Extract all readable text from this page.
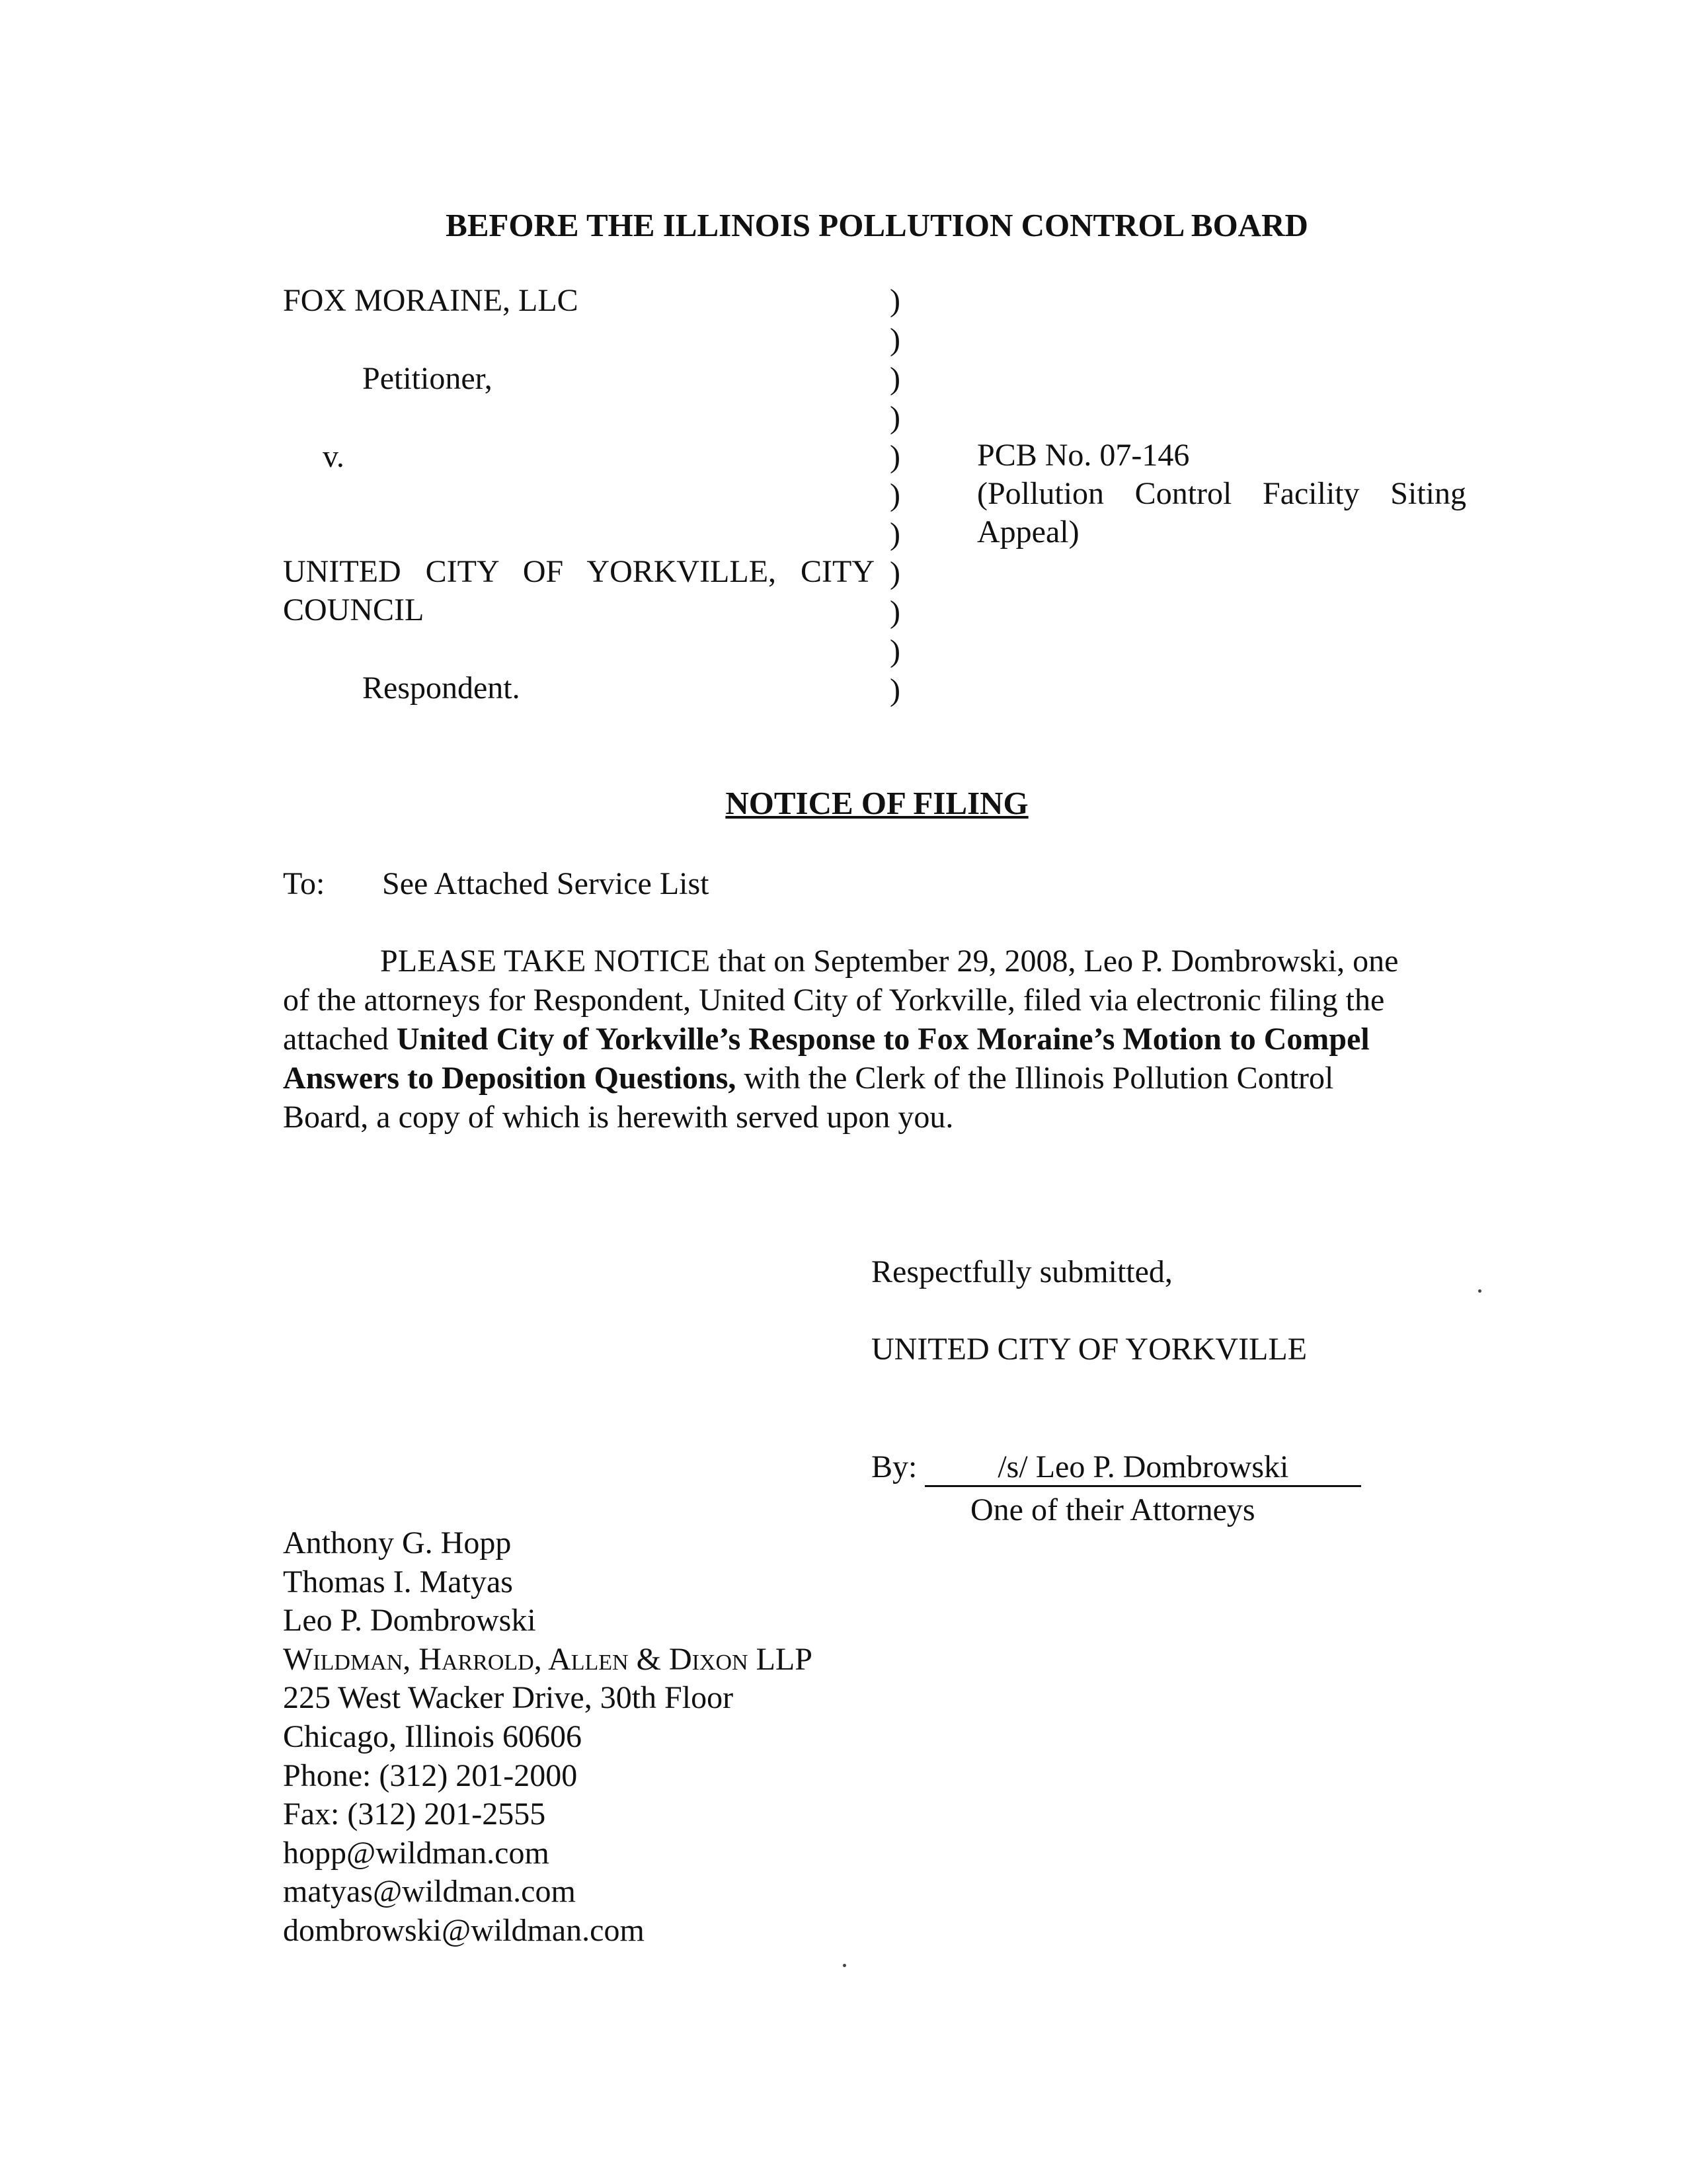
BEFORE THE ILLINOIS POLLUTION CONTROL BOARD
FOX MORAINE, LLC
Petitioner,
v.
UNITED CITY OF YORKVILLE, CITY
COUNCIL
Respondent.
)
)
)
)
)
)
)
)
)
)
)
PCB No. 07-146
(Pollution Control Facility Siting
Appeal)
NOTICE OF FILING
To: See Attached Service List
PLEASE TAKE NOTICE that on September 29, 2008, Leo P. Dombrowski, one
of the attorneys for Respondent, United City of Yorkville, filed via electronic filing the
attached United City of Yorkville’s Response to Fox Moraine’s Motion to Compel
Answers to Deposition Questions, with the Clerk of the Illinois Pollution Control
Board, a copy of which is herewith served upon you.
Respectfully submitted,
UNITED CITY OF YORKVILLE
By:	/s/ Leo P. Dombrowski
One of their Attorneys
Anthony G. Hopp
Thomas I. Matyas
Leo P. Dombrowski
Wildman, Harrold, Allen & Dixon LLP
225 West Wacker Drive, 30th Floor
Chicago, Illinois 60606
Phone: (312) 201-2000
Fax: (312) 201-2555
hopp@wildman.com
matyas@wildman.com
dombrowski@wildman.com
